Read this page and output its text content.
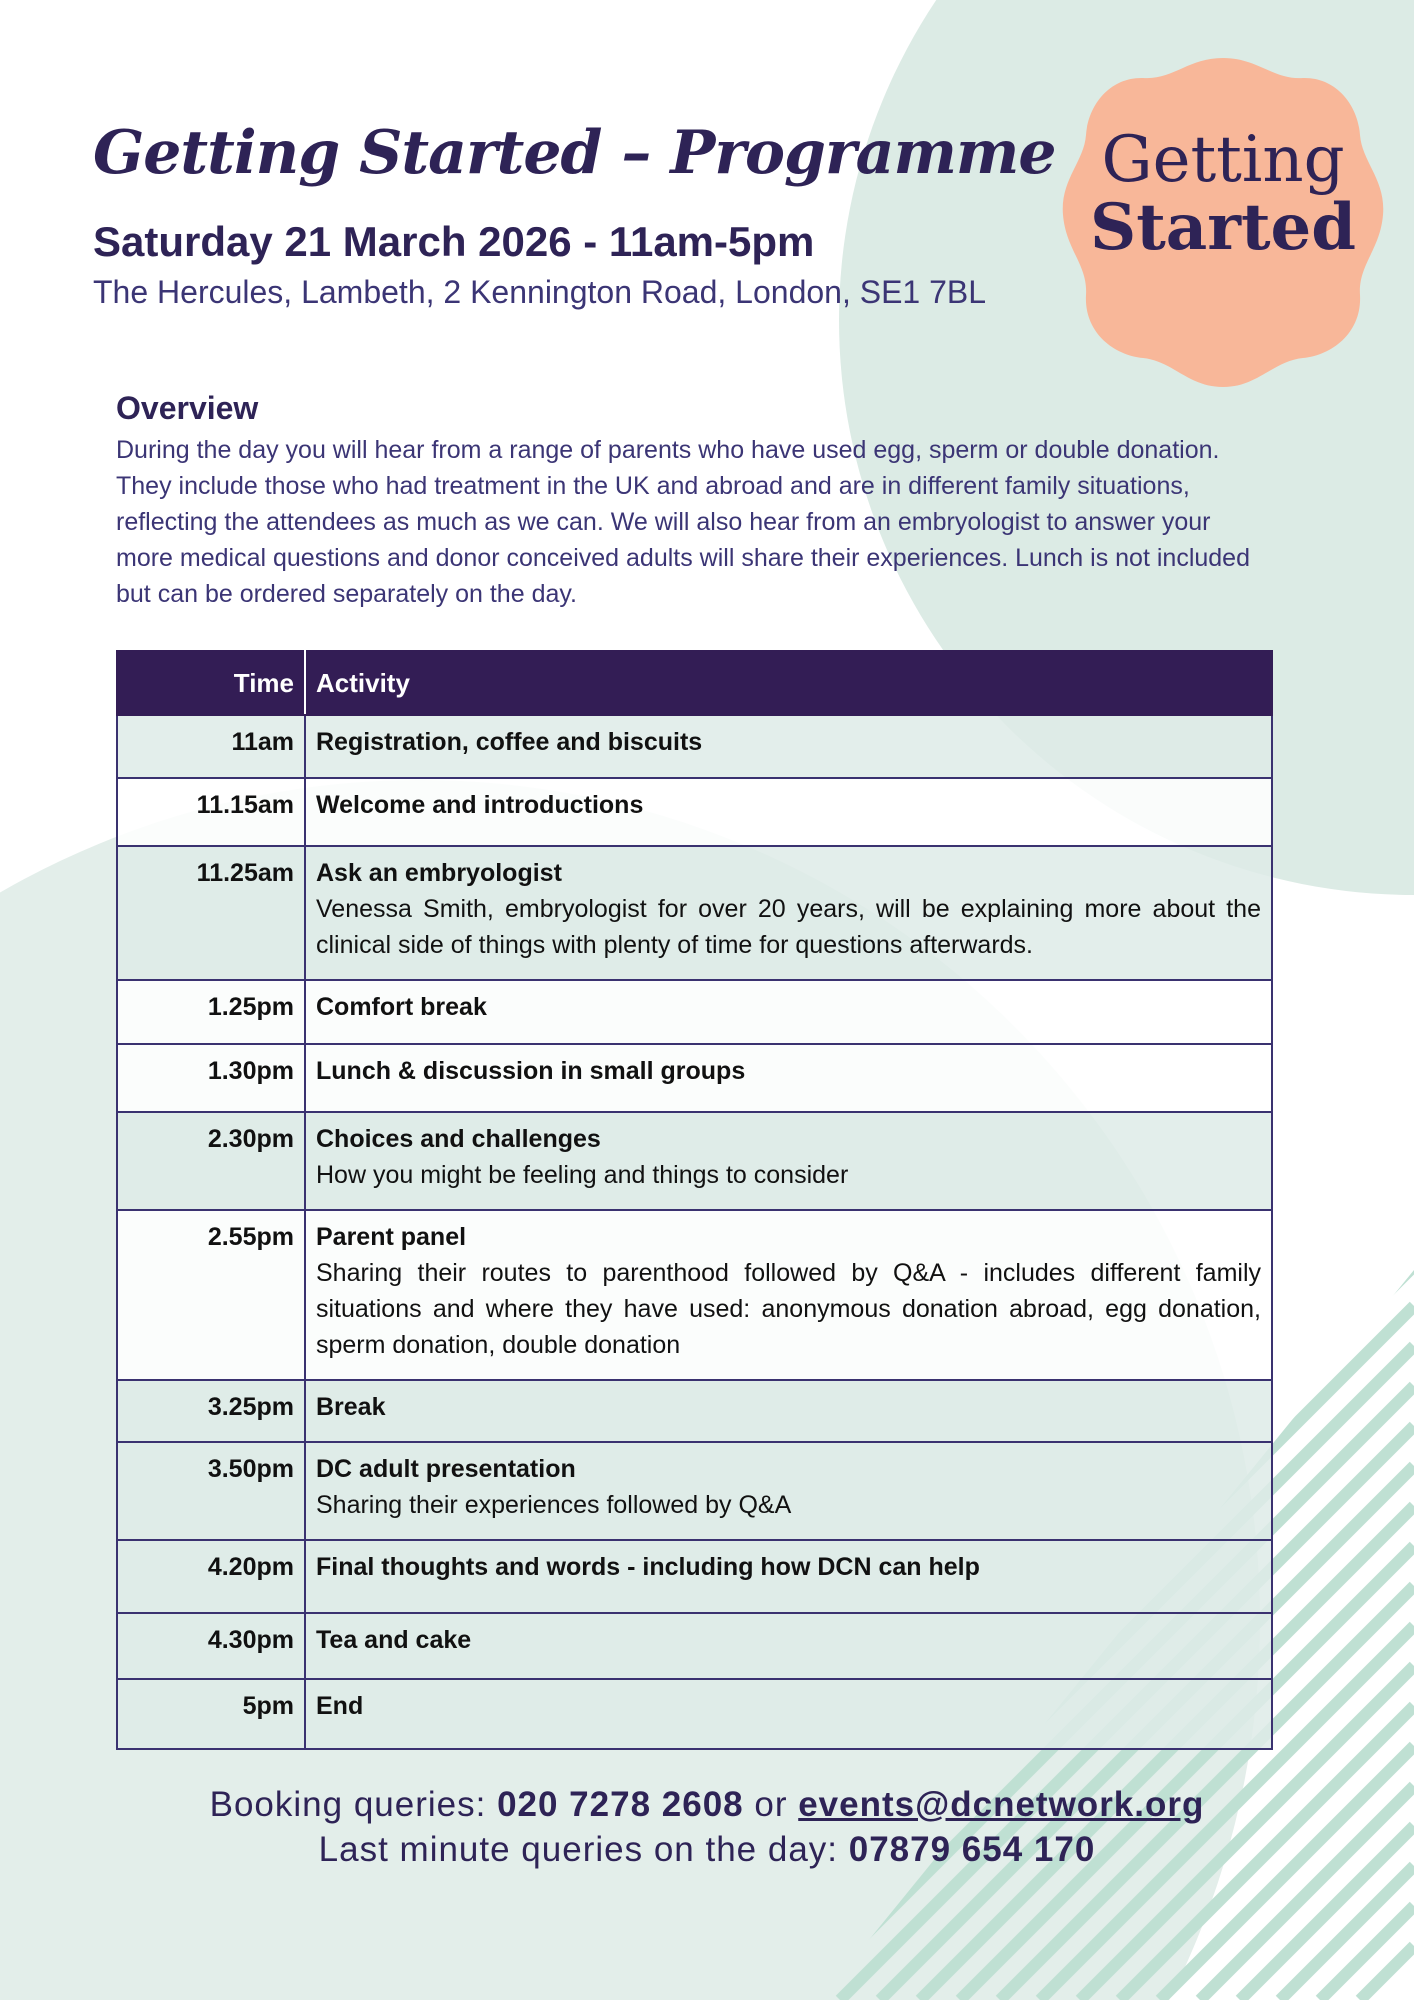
Getting
Started
Getting Started – Programme

Saturday 21 March 2026 - 11am-5pm

The Hercules, Lambeth, 2 Kennington Road, London, SE1 7BL

Overview

During the day you will hear from a range of parents who have used egg, sperm or double donation. They include those who had treatment in the UK and abroad and are in different family situations, reflecting the attendees as much as we can. We will also hear from an embryologist to answer your more medical questions and donor conceived adults will share their experiences. Lunch is not included but can be ordered separately on the day.

Time	Activity
11am	Registration, coffee and biscuits

11.15am	Welcome and introductions

11.25am	Ask an embryologist
Venessa Smith, embryologist for over 20 years, will be explaining more about the clinical side of things with plenty of time for questions afterwards.

1.25pm	Comfort break

1.30pm	Lunch & discussion in small groups

2.30pm	Choices and challenges
How you might be feeling and things to consider

2.55pm	Parent panel
Sharing their routes to parenthood followed by Q&A - includes different family situations and where they have used: anonymous donation abroad, egg donation, sperm donation, double donation

3.25pm	Break

3.50pm	DC adult presentation
Sharing their experiences followed by Q&A

4.20pm	Final thoughts and words - including how DCN can help

4.30pm	Tea and cake

5pm	End

Booking queries: 020 7278 2608 or events@dcnetwork.org

Last minute queries on the day: 07879 654 170
